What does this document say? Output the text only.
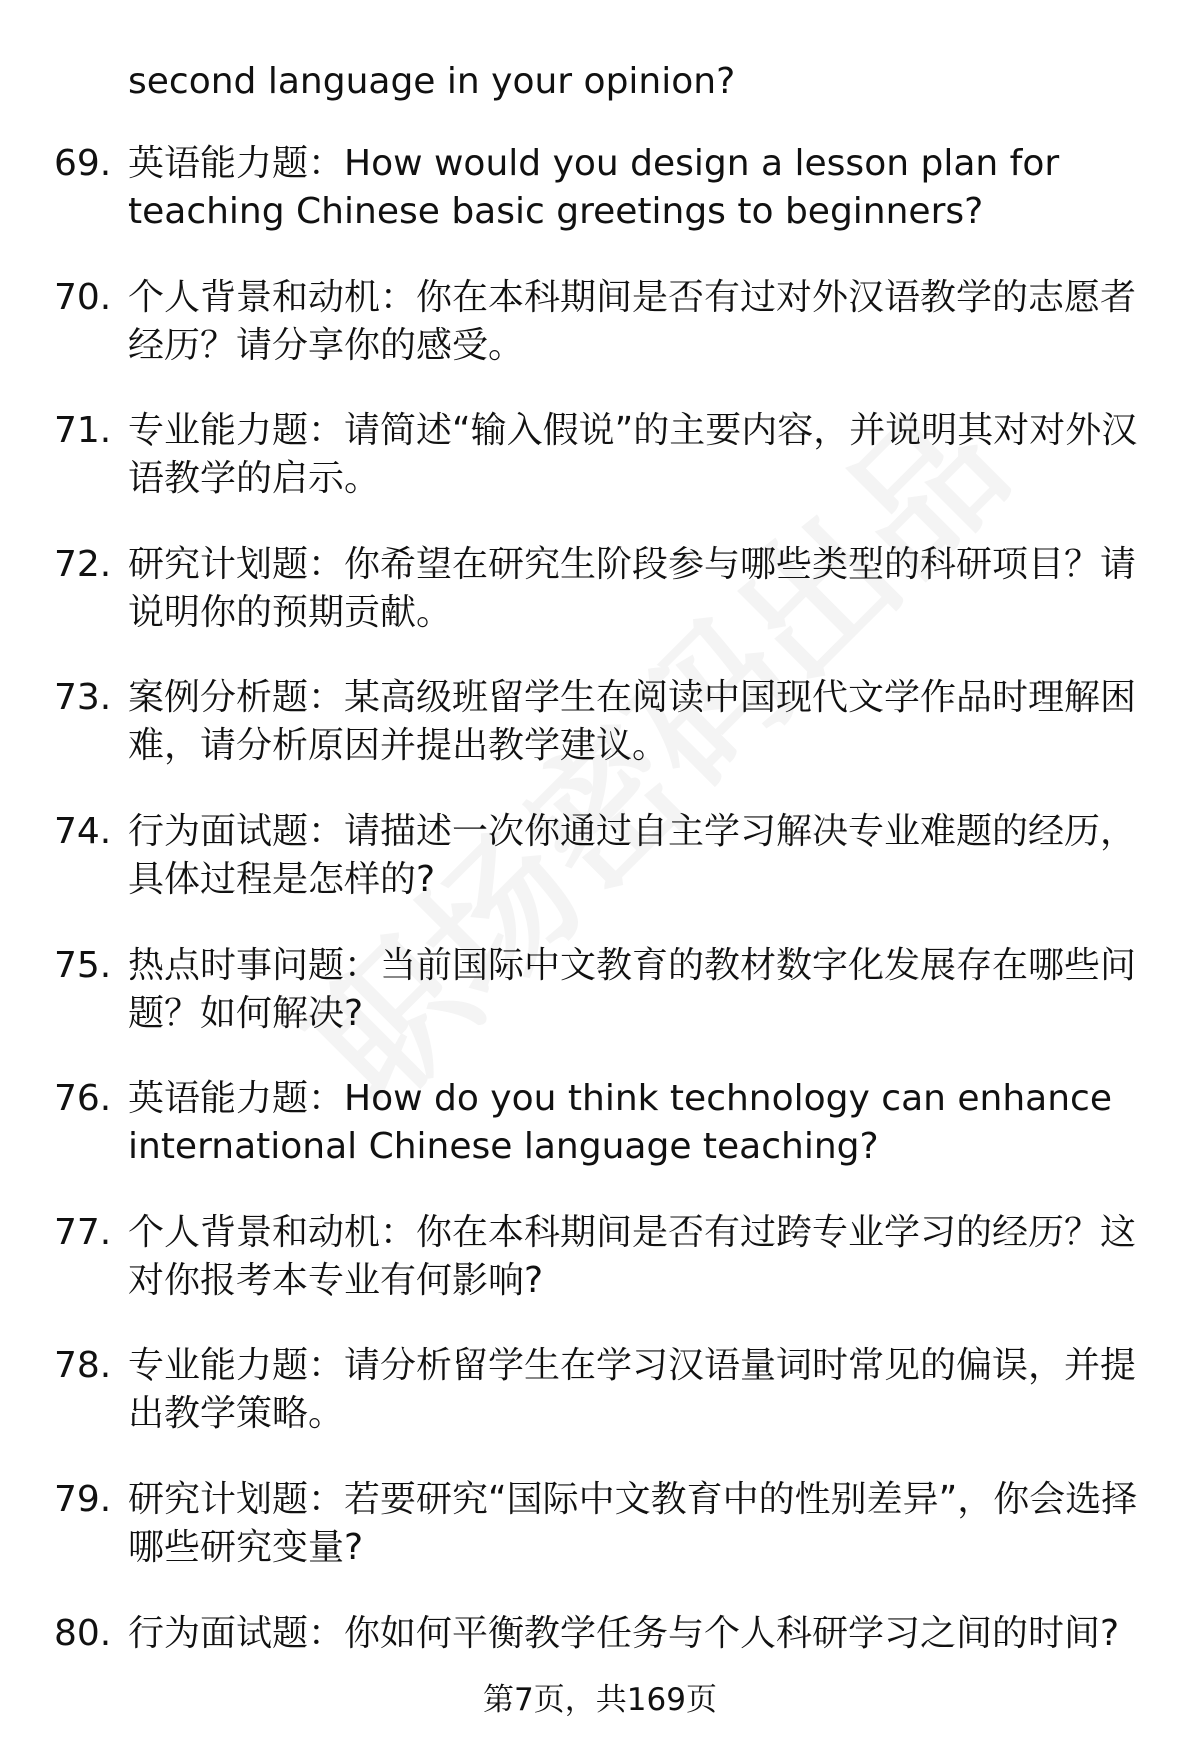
second language in your opinion?
69. 英语能力题：How would you design a lesson plan for teaching Chinese basic greetings to beginners?
70. 个人背景和动机：你在本科期间是否有过对外汉语教学的志愿者经历？请分享你的感受。
71. 专业能力题：请简述“输入假说”的主要内容，并说明其对对外汉语教学的启示。
72. 研究计划题：你希望在研究生阶段参与哪些类型的科研项目？请说明你的预期贡献。
73. 案例分析题：某高级班留学生在阅读中国现代文学作品时理解困难，请分析原因并提出教学建议。
74. 行为面试题：请描述一次你通过自主学习解决专业难题的经历，具体过程是怎样的?
75. 热点时事问题：当前国际中文教育的教材数字化发展存在哪些问题？如何解决?
76. 英语能力题：How do you think technology can enhance international Chinese language teaching?
77. 个人背景和动机：你在本科期间是否有过跨专业学习的经历？这对你报考本专业有何影响?
78. 专业能力题：请分析留学生在学习汉语量词时常见的偏误，并提出教学策略。
79. 研究计划题：若要研究“国际中文教育中的性别差异”，你会选择哪些研究变量?
80. 行为面试题：你如何平衡教学任务与个人科研学习之间的时间?
第7页，共169页
